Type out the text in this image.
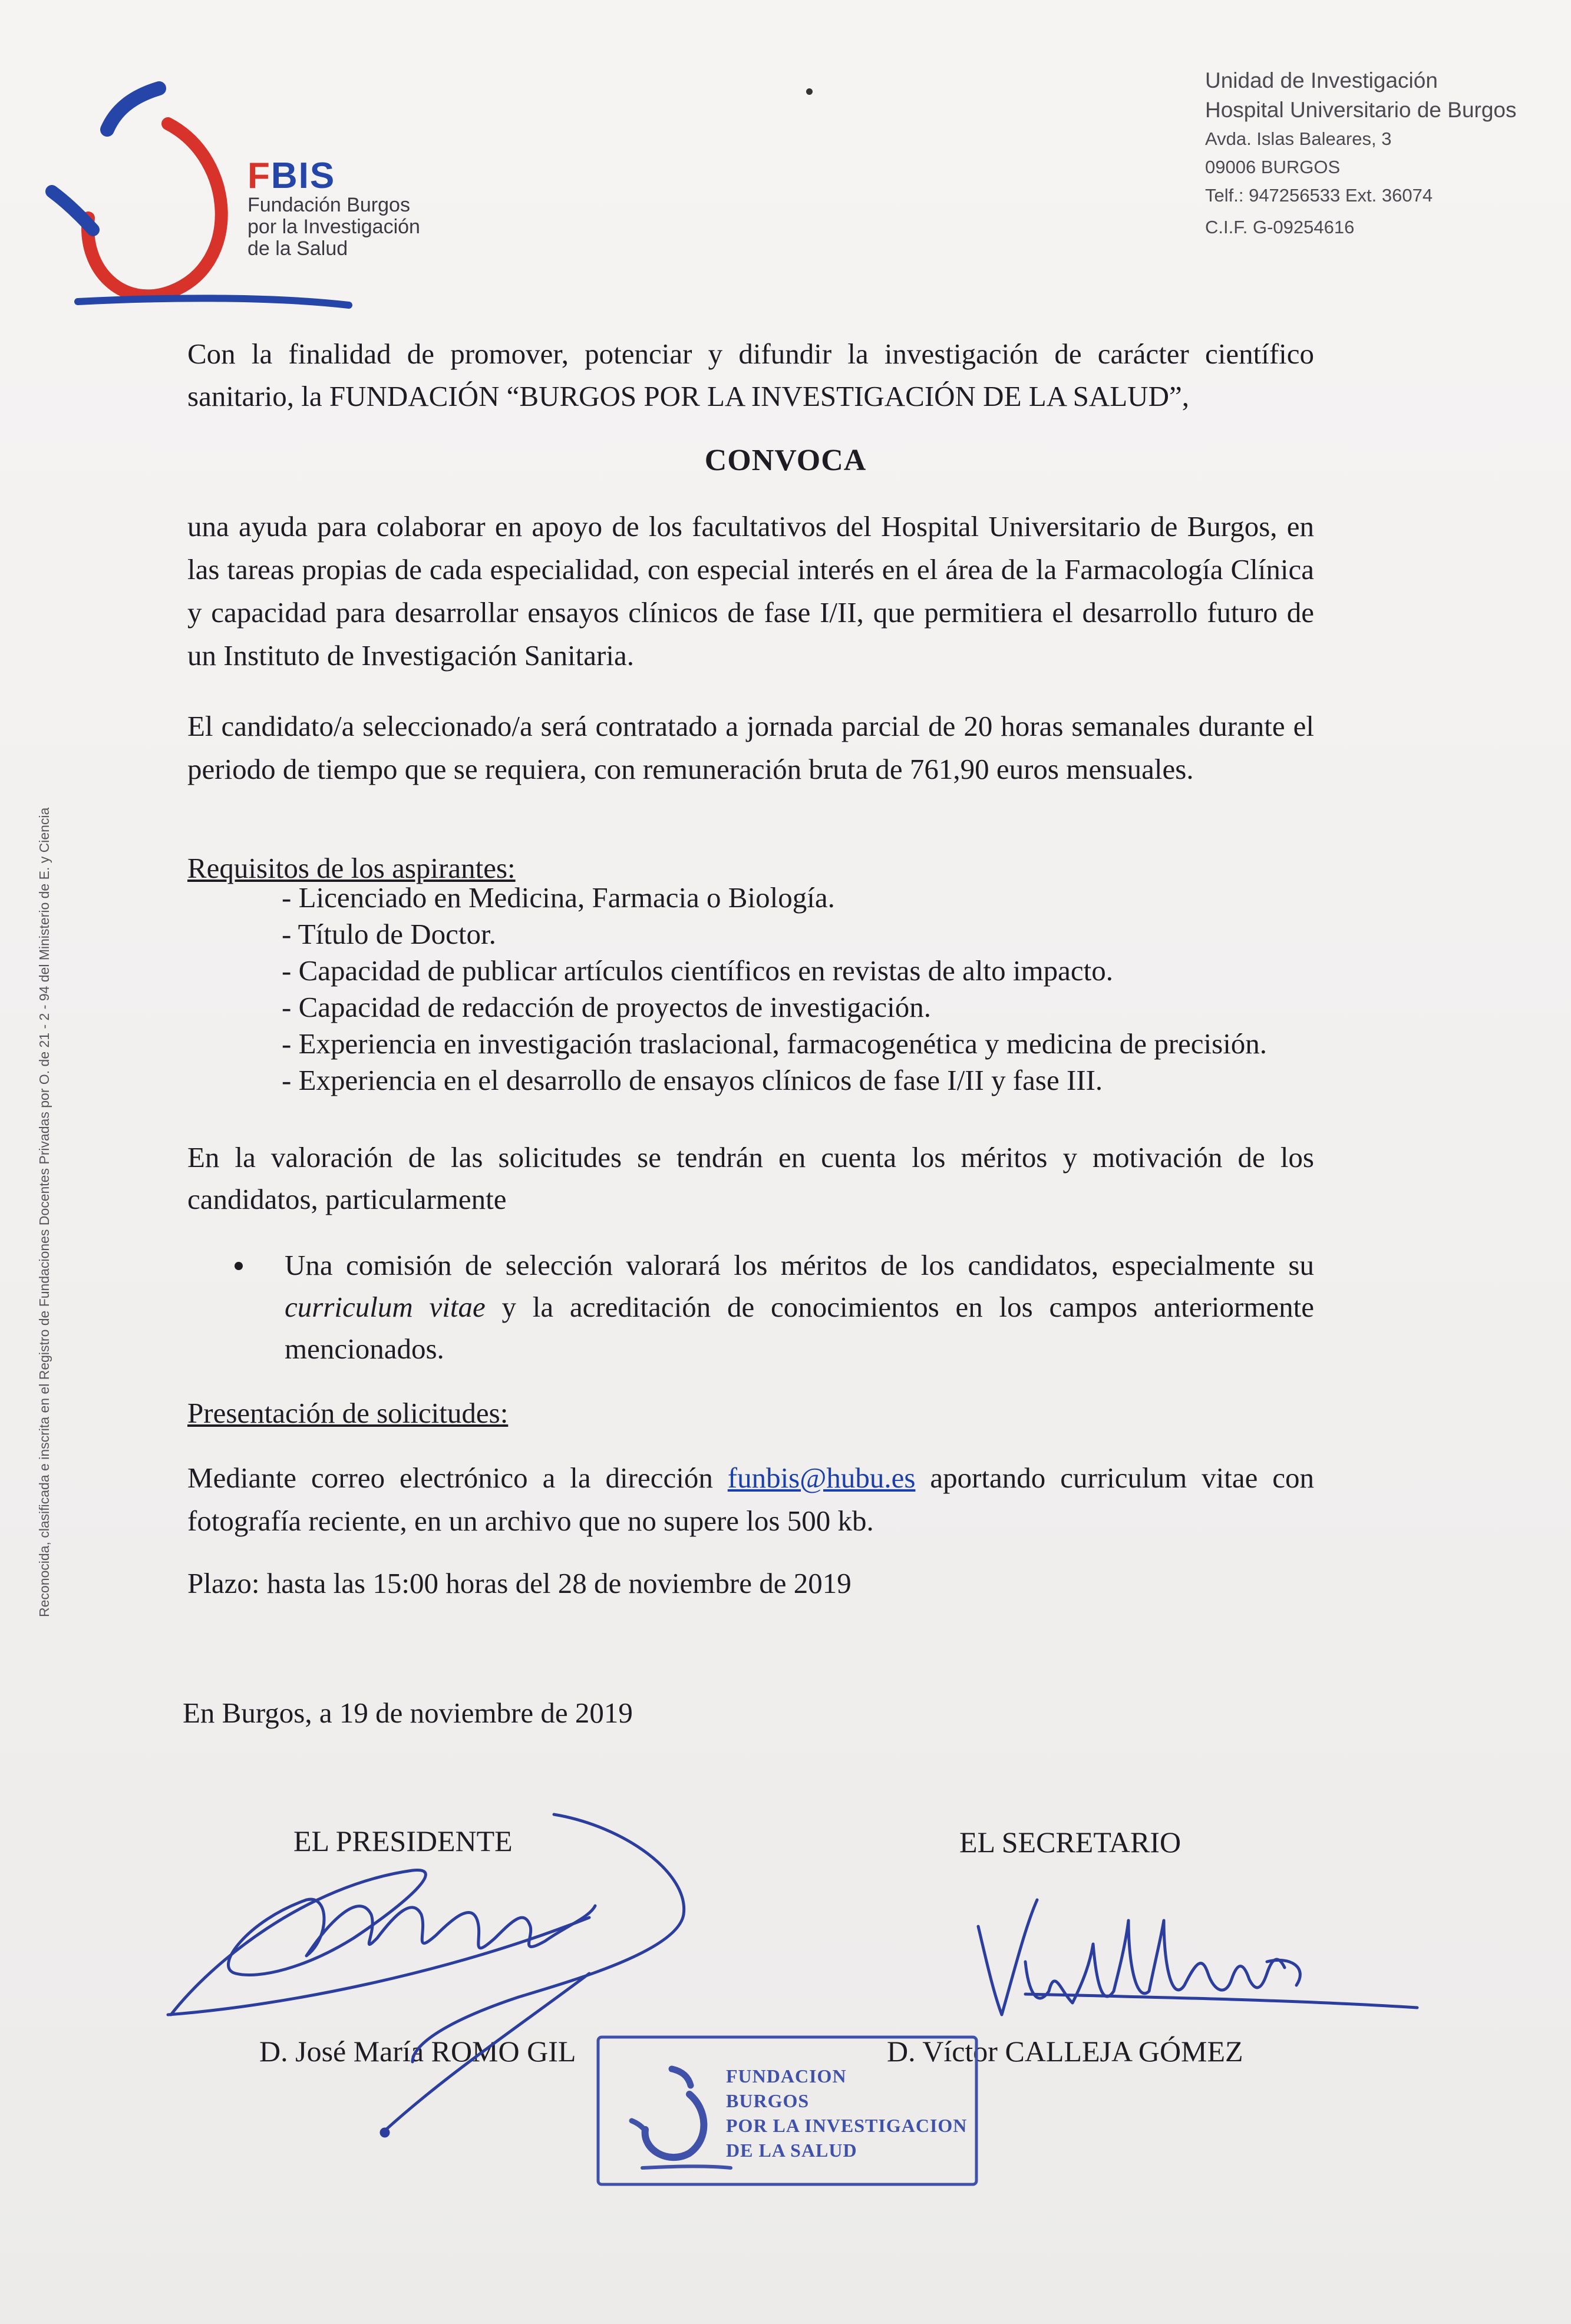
FBIS
Fundación Burgos
por la Investigación
de la Salud
Unidad de Investigación
Hospital Universitario de Burgos
Avda. Islas Baleares, 3
09006 BURGOS
Telf.: 947256533 Ext. 36074
C.I.F. G-09254616
Reconocida, clasificada e inscrita en el Registro de Fundaciones Docentes Privadas por O. de 21 - 2 - 94 del Ministerio de E. y Ciencia
Con la finalidad de promover, potenciar y difundir la investigación de carácter científico sanitario, la FUNDACIÓN “BURGOS POR LA INVESTIGACIÓN DE LA SALUD”,
CONVOCA
una ayuda para colaborar en apoyo de los facultativos del Hospital Universitario de Burgos, en las tareas propias de cada especialidad, con especial interés en el área de la Farmacología Clínica y capacidad para desarrollar ensayos clínicos de fase I/II, que permitiera el desarrollo futuro de un Instituto de Investigación Sanitaria.
El candidato/a seleccionado/a será contratado a jornada parcial de 20 horas semanales durante el periodo de tiempo que se requiera, con remuneración bruta de 761,90 euros mensuales.
Requisitos de los aspirantes:
- Licenciado en Medicina, Farmacia o Biología.
- Título de Doctor.
- Capacidad de publicar artículos científicos en revistas de alto impacto.
- Capacidad de redacción de proyectos de investigación.
- Experiencia en investigación traslacional, farmacogenética y medicina de precisión.
- Experiencia en el desarrollo de ensayos clínicos de fase I/II y fase III.
En la valoración de las solicitudes se tendrán en cuenta los méritos y motivación de los candidatos, particularmente
Una comisión de selección valorará los méritos de los candidatos, especialmente su curriculum vitae y la acreditación de conocimientos en los campos anteriormente mencionados.
Presentación de solicitudes:
Mediante correo electrónico a la dirección funbis@hubu.es aportando curriculum vitae con fotografía reciente, en un archivo que no supere los 500 kb.
Plazo: hasta las 15:00 horas del 28 de noviembre de 2019
En Burgos, a 19 de noviembre de 2019
EL PRESIDENTE	EL SECRETARIO
D. José María ROMO GIL	D. Víctor CALLEJA GÓMEZ
FUNDACION
BURGOS
POR LA INVESTIGACION
DE LA SALUD
